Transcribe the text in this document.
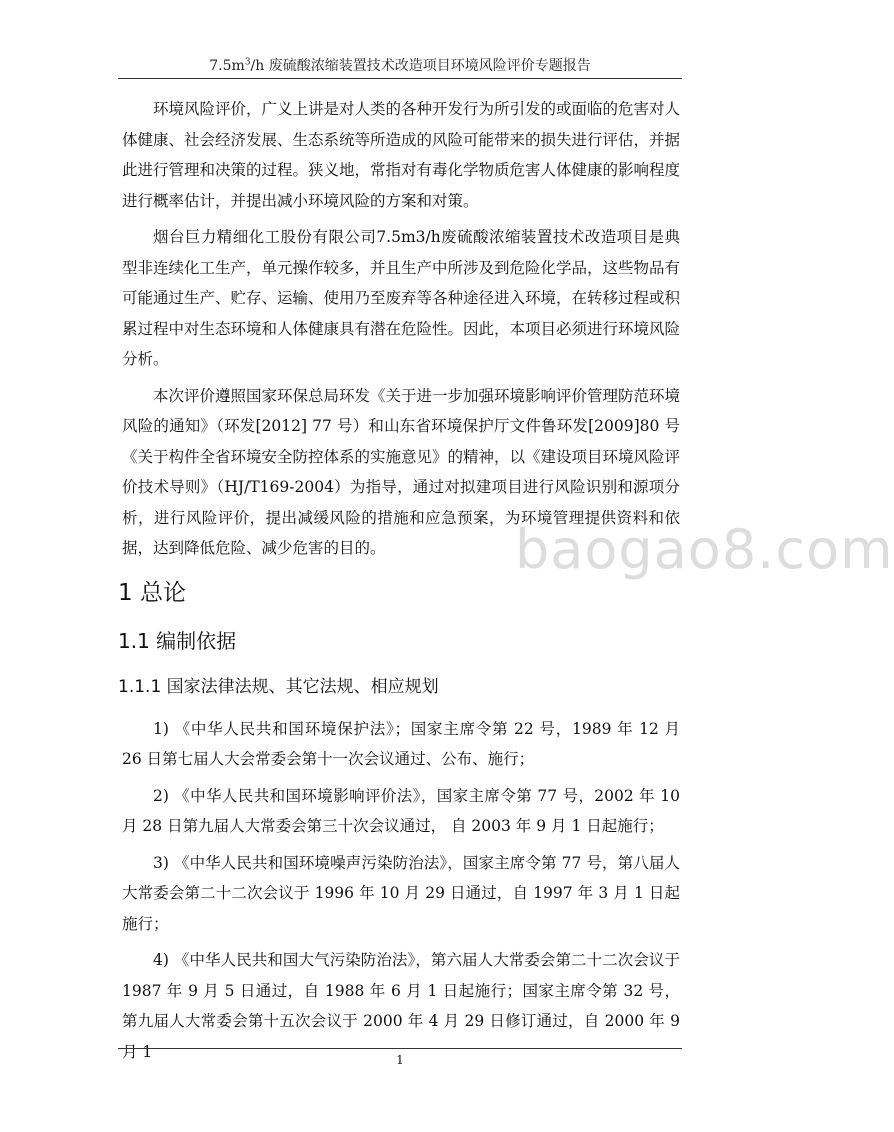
$7.5m^3/h$ 废硫酸浓缩装置技术改造项目环境风险评价专题报告

环境风险评价，广义上讲是对人类的各种开发行为所引发的或面临的危害对人体健康、社会经济发展、生态系统等所造成的风险可能带来的损失进行评估，并据此进行管理和决策的过程。狭义地，常指对有毒化学物质危害人体健康的影响程度进行概率估计，并提出减小环境风险的方案和对策。

烟台巨力精细化工股份有限公司7.5m3/h废硫酸浓缩装置技术改造项目是典型非连续化工生产，单元操作较多，并且生产中所涉及到危险化学品，这些物品有可能通过生产、贮存、运输、使用乃至废弃等各种途径进入环境，在转移过程或积累过程中对生态环境和人体健康具有潜在危险性。因此，本项目必须进行环境风险分析。

本次评价遵照国家环保总局环发《关于进一步加强环境影响评价管理防范环境风险的通知》（环发[2012] 77 号）和山东省环境保护厅文件鲁环发[2009]80 号《关于构件全省环境安全防控体系的实施意见》的精神，以《建设项目环境风险评价技术导则》（HJ/T169-2004）为指导，通过对拟建项目进行风险识别和源项分析，进行风险评价，提出减缓风险的措施和应急预案，为环境管理提供资料和依据，达到降低危险、减少危害的目的。

1 总论
1.1 编制依据
1.1.1 国家法律法规、其它法规、相应规划

1) 《中华人民共和国环境保护法》；国家主席令第 22 号，1989 年 12 月 26 日第七届人大会常委会第十一次会议通过、公布、施行；

2) 《中华人民共和国环境影响评价法》，国家主席令第 77 号，2002 年 10 月 28 日第九届人大常委会第三十次会议通过， 自 2003 年 9 月 1 日起施行；

3) 《中华人民共和国环境噪声污染防治法》，国家主席令第 77 号，第八届人大常委会第二十二次会议于 1996 年 10 月 29 日通过，自 1997 年 3 月 1 日起施行；

4) 《中华人民共和国大气污染防治法》，第六届人大常委会第二十二次会议于 1987 年 9 月 5 日通过，自 1988 年 6 月 1 日起施行；国家主席令第 32 号，第九届人大常委会第十五次会议于 2000 年 4 月 29 日修订通过，自 2000 年 9 月 1

baogao8.com
1
